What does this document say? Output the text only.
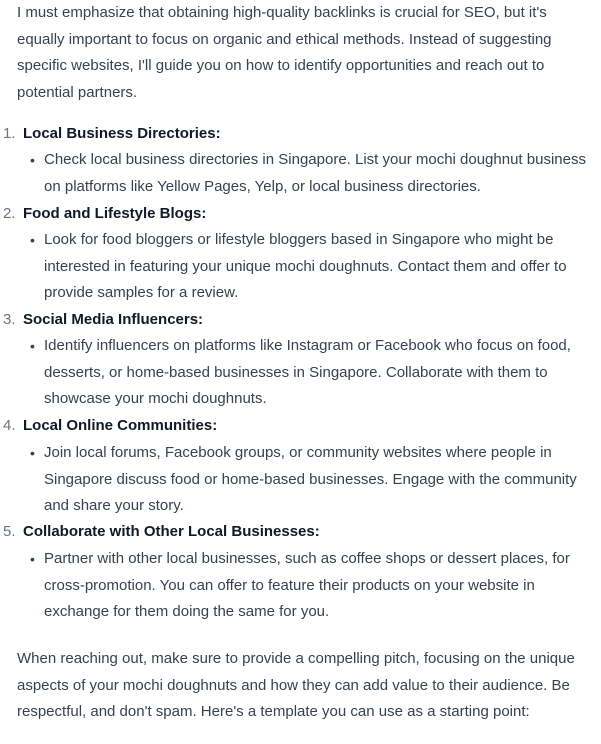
I must emphasize that obtaining high-quality backlinks is crucial for SEO, but it's equally important to focus on organic and ethical methods. Instead of suggesting specific websites, I'll guide you on how to identify opportunities and reach out to potential partners.

1. Local Business Directories:
• Check local business directories in Singapore. List your mochi doughnut business on platforms like Yellow Pages, Yelp, or local business directories.

2. Food and Lifestyle Blogs:
• Look for food bloggers or lifestyle bloggers based in Singapore who might be interested in featuring your unique mochi doughnuts. Contact them and offer to provide samples for a review.

3. Social Media Influencers:
• Identify influencers on platforms like Instagram or Facebook who focus on food, desserts, or home-based businesses in Singapore. Collaborate with them to showcase your mochi doughnuts.

4. Local Online Communities:
• Join local forums, Facebook groups, or community websites where people in Singapore discuss food or home-based businesses. Engage with the community and share your story.

5. Collaborate with Other Local Businesses:
• Partner with other local businesses, such as coffee shops or dessert places, for cross-promotion. You can offer to feature their products on your website in exchange for them doing the same for you.

When reaching out, make sure to provide a compelling pitch, focusing on the unique aspects of your mochi doughnuts and how they can add value to their audience. Be respectful, and don't spam. Here's a template you can use as a starting point:
